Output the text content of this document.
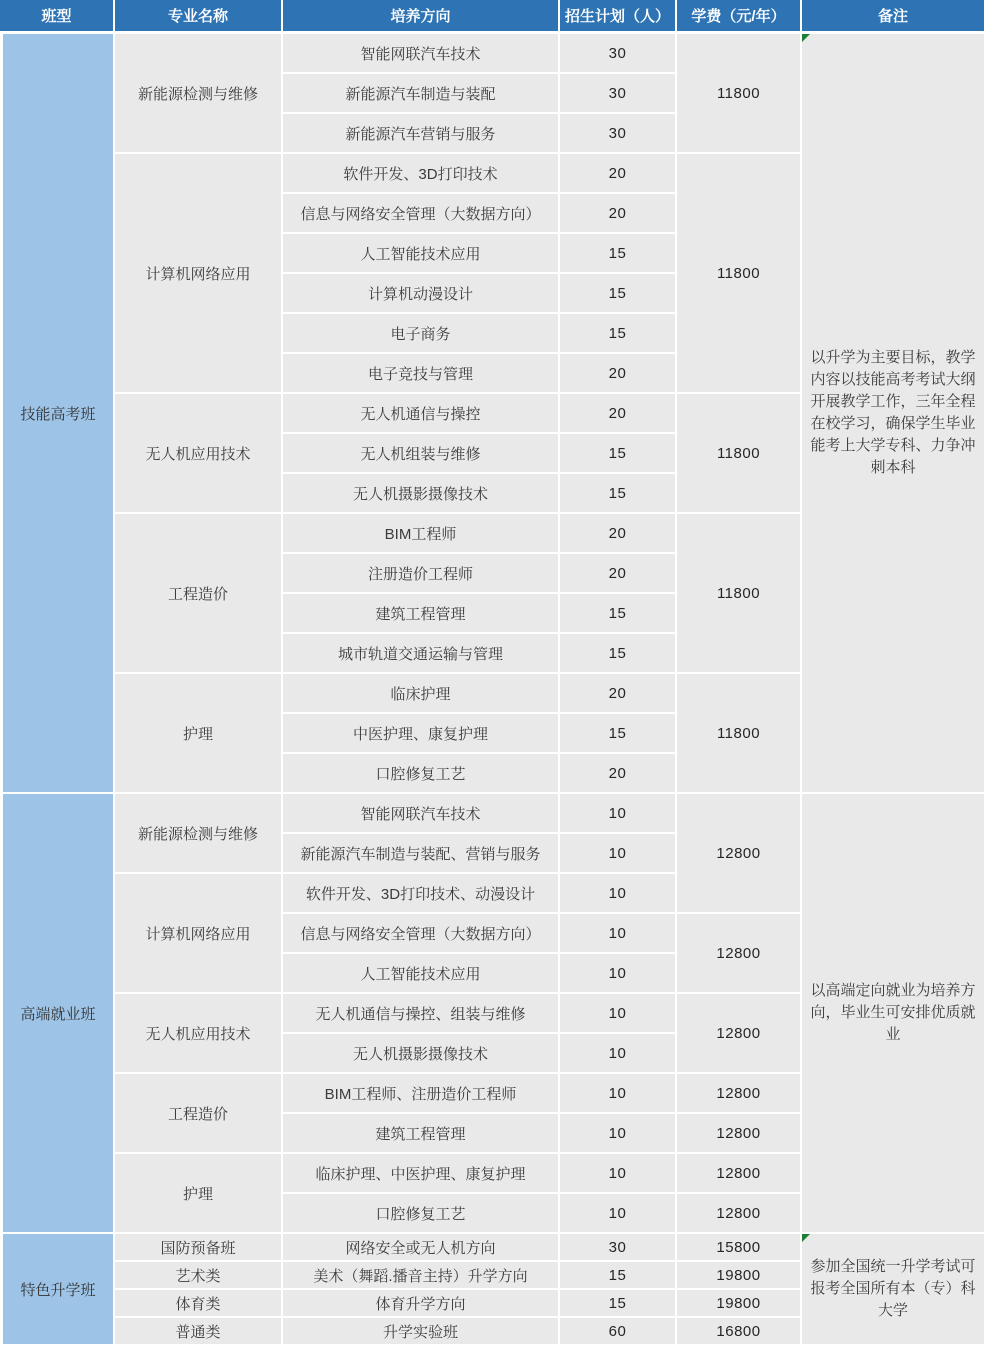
班型	专业名称	培养方向	招生计划（人）	学费（元/年）	备注
技能高考班	新能源检测与维修	智能网联汽车技术	30	11800	以升学为主要目标，教学内容以技能高考考试大纲开展教学工作，三年全程在校学习，确保学生毕业能考上大学专科、力争冲刺本科
		新能源汽车制造与装配	30		
		新能源汽车营销与服务	30		
	计算机网络应用	软件开发、3D打印技术	20	11800	
		信息与网络安全管理（大数据方向）	20		
		人工智能技术应用	15		
		计算机动漫设计	15		
		电子商务	15		
		电子竞技与管理	20		
	无人机应用技术	无人机通信与操控	20	11800	
		无人机组装与维修	15		
		无人机摄影摄像技术	15		
	工程造价	BIM工程师	20	11800	
		注册造价工程师	20		
		建筑工程管理	15		
		城市轨道交通运输与管理	15		
	护理	临床护理	20	11800	
		中医护理、康复护理	15		
		口腔修复工艺	20		
高端就业班	新能源检测与维修	智能网联汽车技术	10	12800	以高端定向就业为培养方向，毕业生可安排优质就业
		新能源汽车制造与装配、营销与服务	10		
	计算机网络应用	软件开发、3D打印技术、动漫设计	10		
		信息与网络安全管理（大数据方向）	10	12800	
		人工智能技术应用	10		
	无人机应用技术	无人机通信与操控、组装与维修	10	12800	
		无人机摄影摄像技术	10		
	工程造价	BIM工程师、注册造价工程师	10	12800	
		建筑工程管理	10	12800	
	护理	临床护理、中医护理、康复护理	10	12800	
		口腔修复工艺	10	12800	
特色升学班	国防预备班	网络安全或无人机方向	30	15800	参加全国统一升学考试可报考全国所有本（专）科大学
	艺术类	美术（舞蹈.播音主持）升学方向	15	19800	
	体育类	体育升学方向	15	19800	
	普通类	升学实验班	60	16800	
